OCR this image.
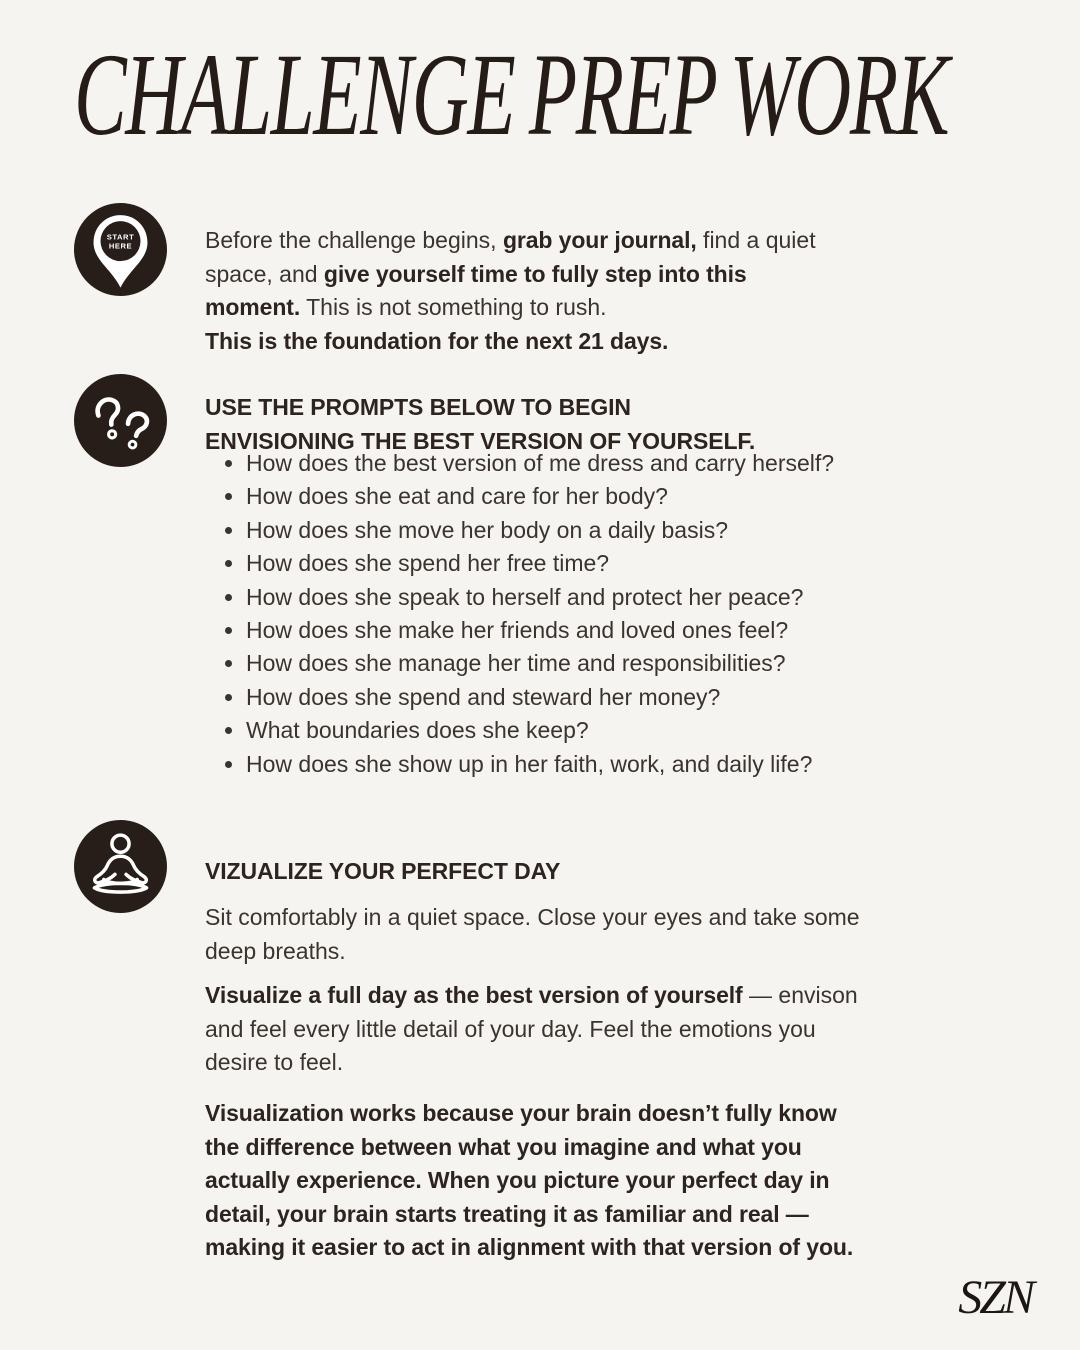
CHALLENGE PREP WORK
START
HERE	Before the challenge begins, grab your journal, find a quiet
space, and give yourself time to fully step into this
moment. This is not something to rush.
This is the foundation for the next 21 days.

USE THE PROMPTS BELOW TO BEGIN
ENVISIONING THE BEST VERSION OF YOURSELF.

• How does the best version of me dress and carry herself?
• How does she eat and care for her body?
• How does she move her body on a daily basis?
• How does she spend her free time?
• How does she speak to herself and protect her peace?
• How does she make her friends and loved ones feel?
• How does she manage her time and responsibilities?
• How does she spend and steward her money?
• What boundaries does she keep?
• How does she show up in her faith, work, and daily life?

VIZUALIZE YOUR PERFECT DAY

Sit comfortably in a quiet space. Close your eyes and take some
deep breaths.

Visualize a full day as the best version of yourself — envison
and feel every little detail of your day. Feel the emotions you
desire to feel.

Visualization works because your brain doesn’t fully know
the difference between what you imagine and what you
actually experience. When you picture your perfect day in
detail, your brain starts treating it as familiar and real —
making it easier to act in alignment with that version of you.

SZN
